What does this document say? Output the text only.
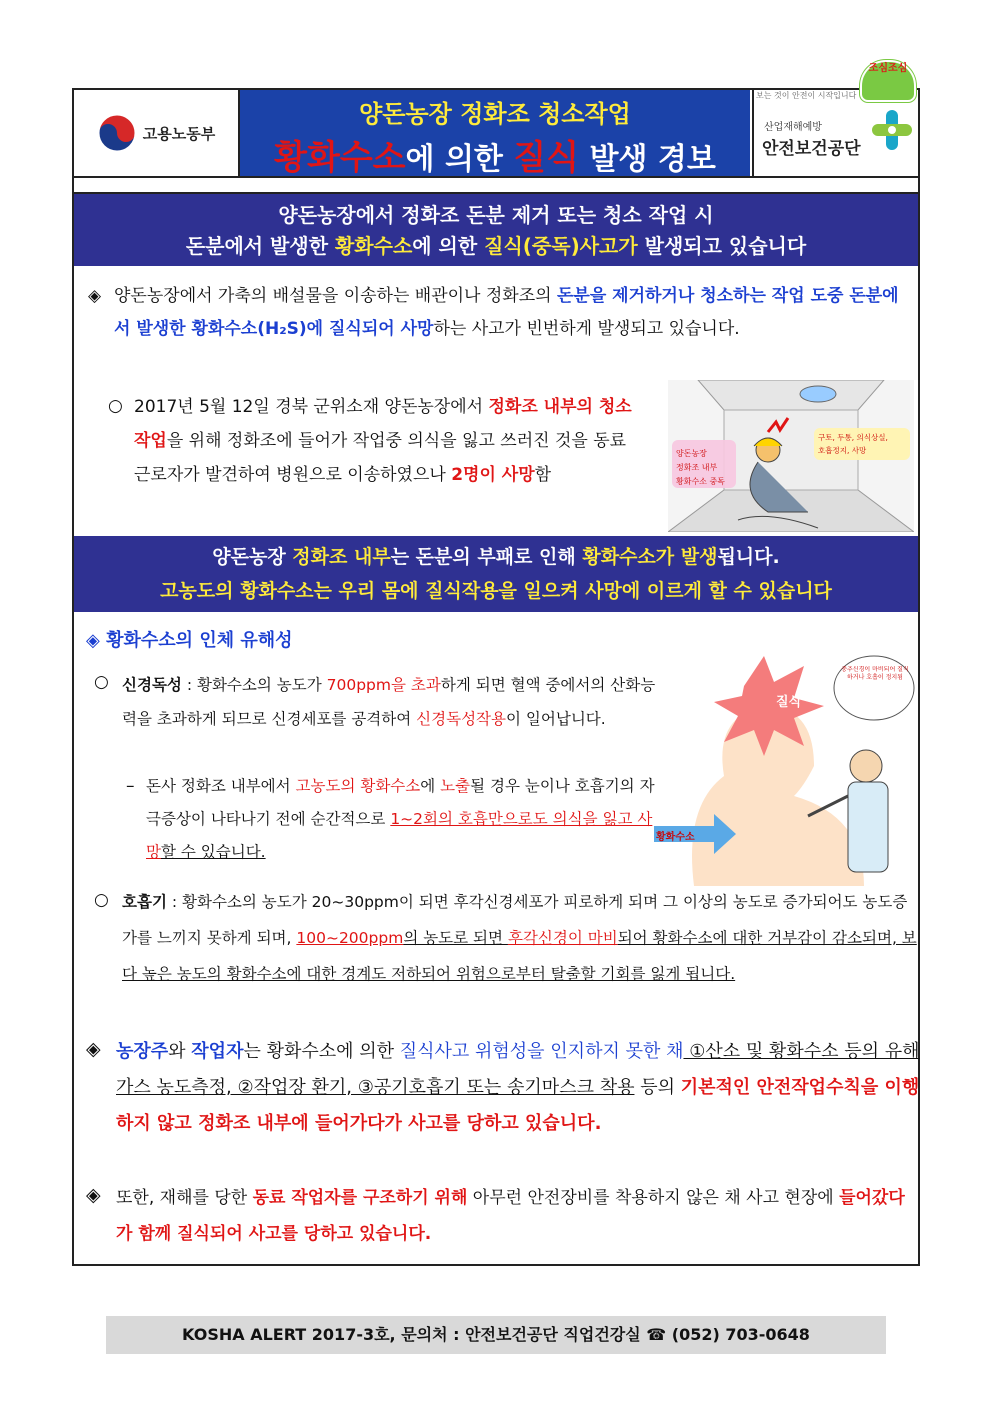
고용노동부
양돈농장 정화조 청소작업
황화수소에 의한 질식 발생 경보
조심조심
보는 것이 안전이 시작입니다
산업재해예방
안전보건공단
양돈농장에서 정화조 돈분 제거 또는 청소 작업 시
돈분에서 발생한 황화수소에 의한 질식(중독)사고가 발생되고 있습니다
◈ 양돈농장에서 가축의 배설물을 이송하는 배관이나 정화조의 돈분을 제거하거나 청소하는 작업 도중 돈분에서 발생한 황화수소(H₂S)에 질식되어 사망하는 사고가 빈번하게 발생되고 있습니다.
○ 2017년 5월 12일 경북 군위소재 양돈농장에서 정화조 내부의 청소작업을 위해 정화조에 들어가 작업중 의식을 잃고 쓰러진 것을 동료근로자가 발견하여 병원으로 이송하였으나 2명이 사망함
양돈농장
정화조 내부
황화수소 중독
구토, 두통, 의식상실,
호흡정지, 사망
양돈농장 정화조 내부는 돈분의 부패로 인해 황화수소가 발생됩니다.
고농도의 황화수소는 우리 몸에 질식작용을 일으켜 사망에 이르게 할 수 있습니다
◈ 황화수소의 인체 유해성
○ 신경독성 : 황화수소의 농도가 700ppm을 초과하게 되면 혈액 중에서의 산화능력을 초과하게 되므로 신경세포를 공격하여 신경독성작용이 일어납니다.
– 돈사 정화조 내부에서 고농도의 황화수소에 노출될 경우 눈이나 호흡기의 자극증상이 나타나기 전에 순간적으로 1~2회의 호흡만으로도 의식을 잃고 사망할 수 있습니다.
질식
황화수소
중추신경이 마비되어 질식하거나 호흡이 정지됨
○ 호흡기 : 황화수소의 농도가 20~30ppm이 되면 후각신경세포가 피로하게 되며 그 이상의 농도로 증가되어도 농도증가를 느끼지 못하게 되며, 100~200ppm의 농도로 되면 후각신경이 마비되어 황화수소에 대한 거부감이 감소되며, 보다 높은 농도의 황화수소에 대한 경계도 저하되어 위험으로부터 탈출할 기회를 잃게 됩니다.
◈ 농장주와 작업자는 황화수소에 의한 질식사고 위험성을 인지하지 못한 채 ①산소 및 황화수소 등의 유해가스 농도측정, ②작업장 환기, ③공기호흡기 또는 송기마스크 착용 등의 기본적인 안전작업수칙을 이행하지 않고 정화조 내부에 들어가다가 사고를 당하고 있습니다.
◈ 또한, 재해를 당한 동료 작업자를 구조하기 위해 아무런 안전장비를 착용하지 않은 채 사고 현장에 들어갔다가 함께 질식되어 사고를 당하고 있습니다.
KOSHA ALERT 2017-3호, 문의처 : 안전보건공단 직업건강실 ☎ (052) 703-0648
